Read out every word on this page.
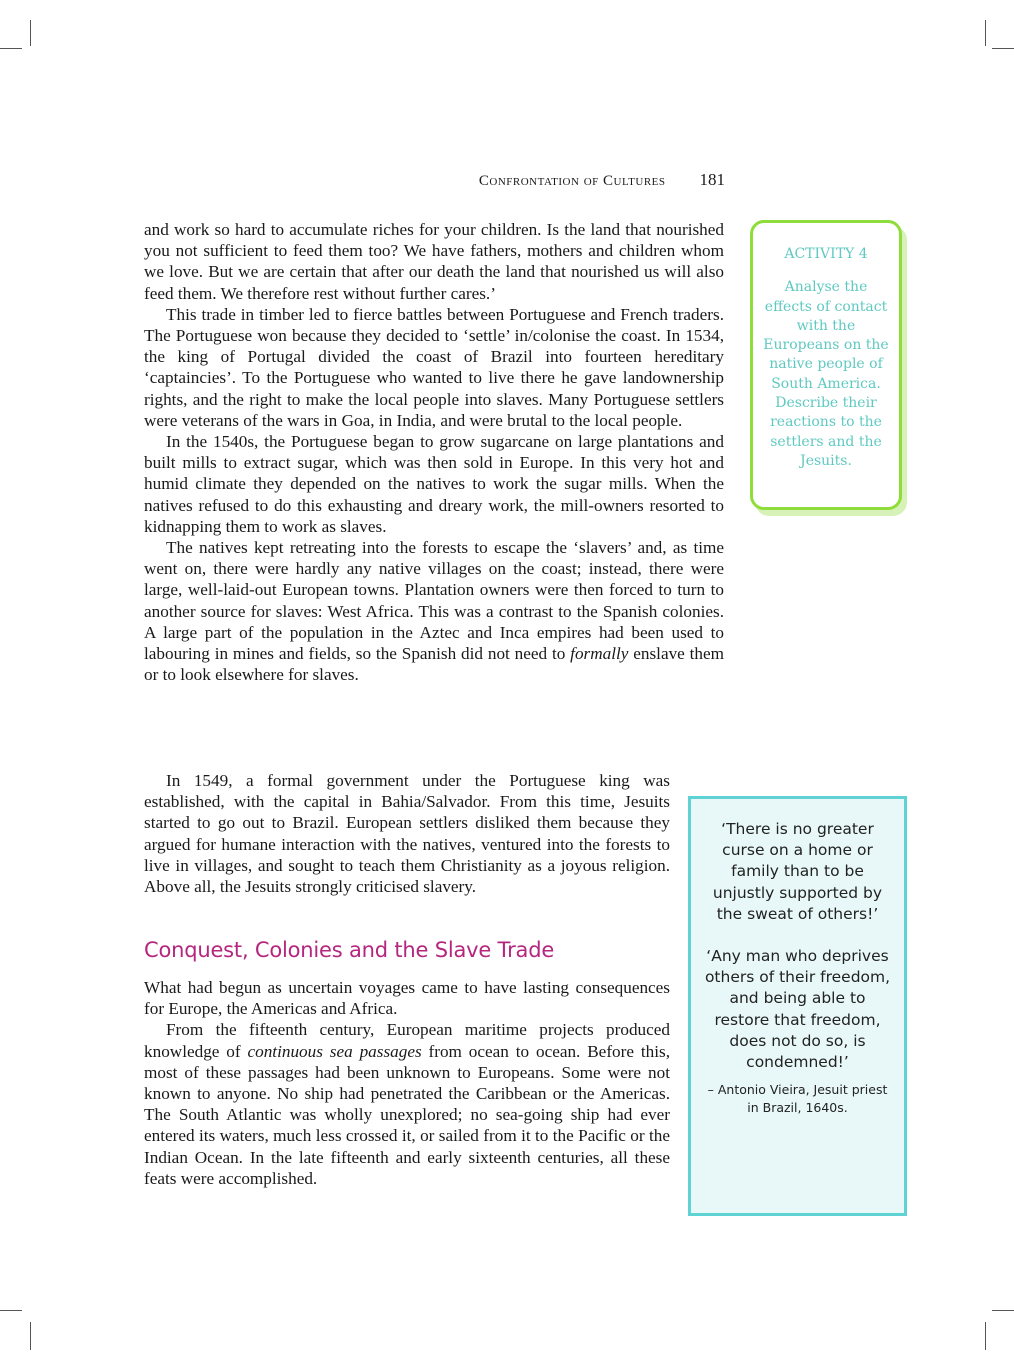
Confrontation of Cultures 181

and work so hard to accumulate riches for your children. Is the land that nourished you not sufficient to feed them too? We have fathers, mothers and children whom we love. But we are certain that after our death the land that nourished us will also feed them. We therefore rest without further cares.’

This trade in timber led to fierce battles between Portuguese and French traders. The Portuguese won because they decided to ‘settle’ in/colonise the coast. In 1534, the king of Portugal divided the coast of Brazil into fourteen hereditary ‘captaincies’. To the Portuguese who wanted to live there he gave landownership rights, and the right to make the local people into slaves. Many Portuguese settlers were veterans of the wars in Goa, in India, and were brutal to the local people.

In the 1540s, the Portuguese began to grow sugarcane on large plantations and built mills to extract sugar, which was then sold in Europe. In this very hot and humid climate they depended on the natives to work the sugar mills. When the natives refused to do this exhausting and dreary work, the mill-owners resorted to kidnapping them to work as slaves.

The natives kept retreating into the forests to escape the ‘slavers’ and, as time went on, there were hardly any native villages on the coast; instead, there were large, well-laid-out European towns. Plantation owners were then forced to turn to another source for slaves: West Africa. This was a contrast to the Spanish colonies. A large part of the population in the Aztec and Inca empires had been used to labouring in mines and fields, so the Spanish did not need to formally enslave them or to look elsewhere for slaves.

In 1549, a formal government under the Portuguese king was established, with the capital in Bahia/Salvador. From this time, Jesuits started to go out to Brazil. European settlers disliked them because they argued for humane interaction with the natives, ventured into the forests to live in villages, and sought to teach them Christianity as a joyous religion. Above all, the Jesuits strongly criticised slavery.

Conquest, Colonies and the Slave Trade

What had begun as uncertain voyages came to have lasting consequences for Europe, the Americas and Africa.

From the fifteenth century, European maritime projects produced knowledge of continuous sea passages from ocean to ocean. Before this, most of these passages had been unknown to Europeans. Some were not known to anyone. No ship had penetrated the Caribbean or the Americas. The South Atlantic was wholly unexplored; no sea-going ship had ever entered its waters, much less crossed it, or sailed from it to the Pacific or the Indian Ocean. In the late fifteenth and early sixteenth centuries, all these feats were accomplished.

ACTIVITY 4
Analyse the effects of contact with the Europeans on the native people of South America. Describe their reactions to the settlers and the Jesuits.

‘There is no greater curse on a home or family than to be unjustly supported by the sweat of others!’

‘Any man who deprives others of their freedom, and being able to restore that freedom, does not do so, is condemned!’

– Antonio Vieira, Jesuit priest in Brazil, 1640s.
